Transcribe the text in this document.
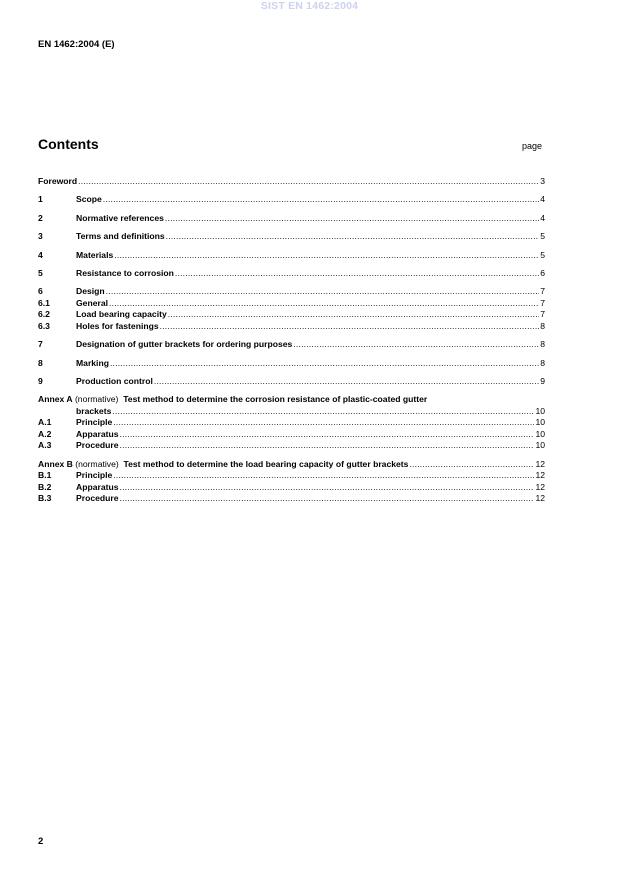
SIST EN 1462:2004
EN 1462:2004 (E)
Contents	page
Foreword .....	3
1	Scope .....	4
2	Normative references .....	4
3	Terms and definitions .....	5
4	Materials .....	5
5	Resistance to corrosion .....	6
6	Design .....	7
6.1	General .....	7
6.2	Load bearing capacity .....	7
6.3	Holes for fastenings .....	8
7	Designation of gutter brackets for ordering purposes .....	8
8	Marking .....	8
9	Production control .....	9
Annex A
(normative)
Test method to determine the corrosion resistance of plastic-coated gutter
brackets .....	10
A.1	Principle .....	10
A.2	Apparatus .....	10
A.3	Procedure .....	10
Annex B
(normative)
Test method to determine the load bearing capacity of gutter brackets .....	12
B.1	Principle .....	12
B.2	Apparatus .....	12
B.3	Procedure .....	12
2
